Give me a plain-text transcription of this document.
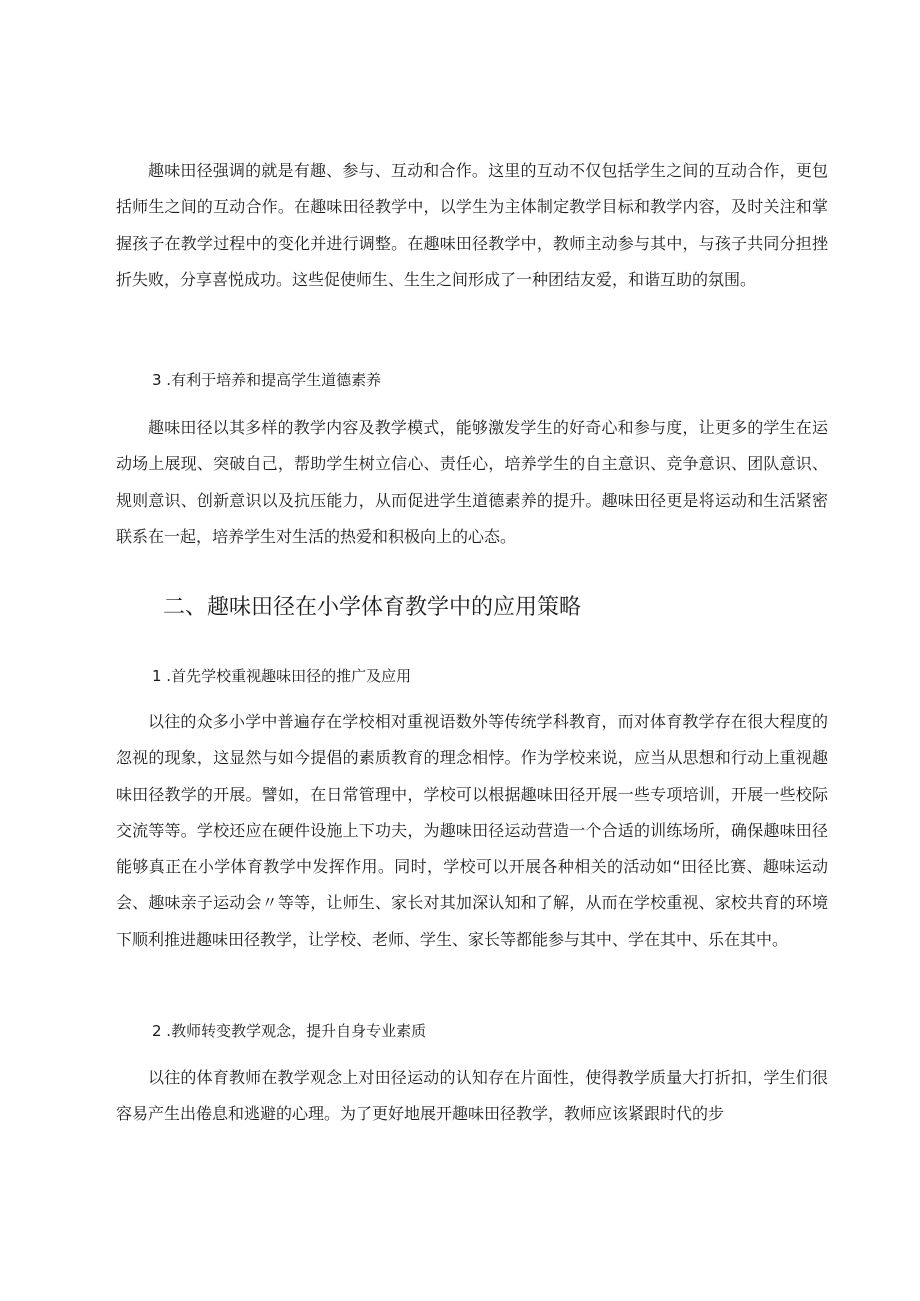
趣味田径强调的就是有趣、参与、互动和合作。这里的互动不仅包括学生之间的互动合作，更包括师生之间的互动合作。在趣味田径教学中，以学生为主体制定教学目标和教学内容，及时关注和掌握孩子在教学过程中的变化并进行调整。在趣味田径教学中，教师主动参与其中，与孩子共同分担挫折失败，分享喜悦成功。这些促使师生、生生之间形成了一种团结友爱，和谐互助的氛围。

3 .有利于培养和提高学生道德素养

趣味田径以其多样的教学内容及教学模式，能够激发学生的好奇心和参与度，让更多的学生在运动场上展现、突破自己，帮助学生树立信心、责任心，培养学生的自主意识、竞争意识、团队意识、规则意识、创新意识以及抗压能力，从而促进学生道德素养的提升。趣味田径更是将运动和生活紧密联系在一起，培养学生对生活的热爱和积极向上的心态。

二、趣味田径在小学体育教学中的应用策略

1 .首先学校重视趣味田径的推广及应用

以往的众多小学中普遍存在学校相对重视语数外等传统学科教育，而对体育教学存在很大程度的忽视的现象，这显然与如今提倡的素质教育的理念相悖。作为学校来说，应当从思想和行动上重视趣味田径教学的开展。譬如，在日常管理中，学校可以根据趣味田径开展一些专项培训，开展一些校际交流等等。学校还应在硬件设施上下功夫，为趣味田径运动营造一个合适的训练场所，确保趣味田径能够真正在小学体育教学中发挥作用。同时，学校可以开展各种相关的活动如“田径比赛、趣味运动会、趣味亲子运动会〃等等，让师生、家长对其加深认知和了解，从而在学校重视、家校共育的环境下顺利推进趣味田径教学，让学校、老师、学生、家长等都能参与其中、学在其中、乐在其中。

2 .教师转变教学观念，提升自身专业素质

以往的体育教师在教学观念上对田径运动的认知存在片面性，使得教学质量大打折扣，学生们很容易产生出倦息和逃避的心理。为了更好地展开趣味田径教学，教师应该紧跟时代的步
